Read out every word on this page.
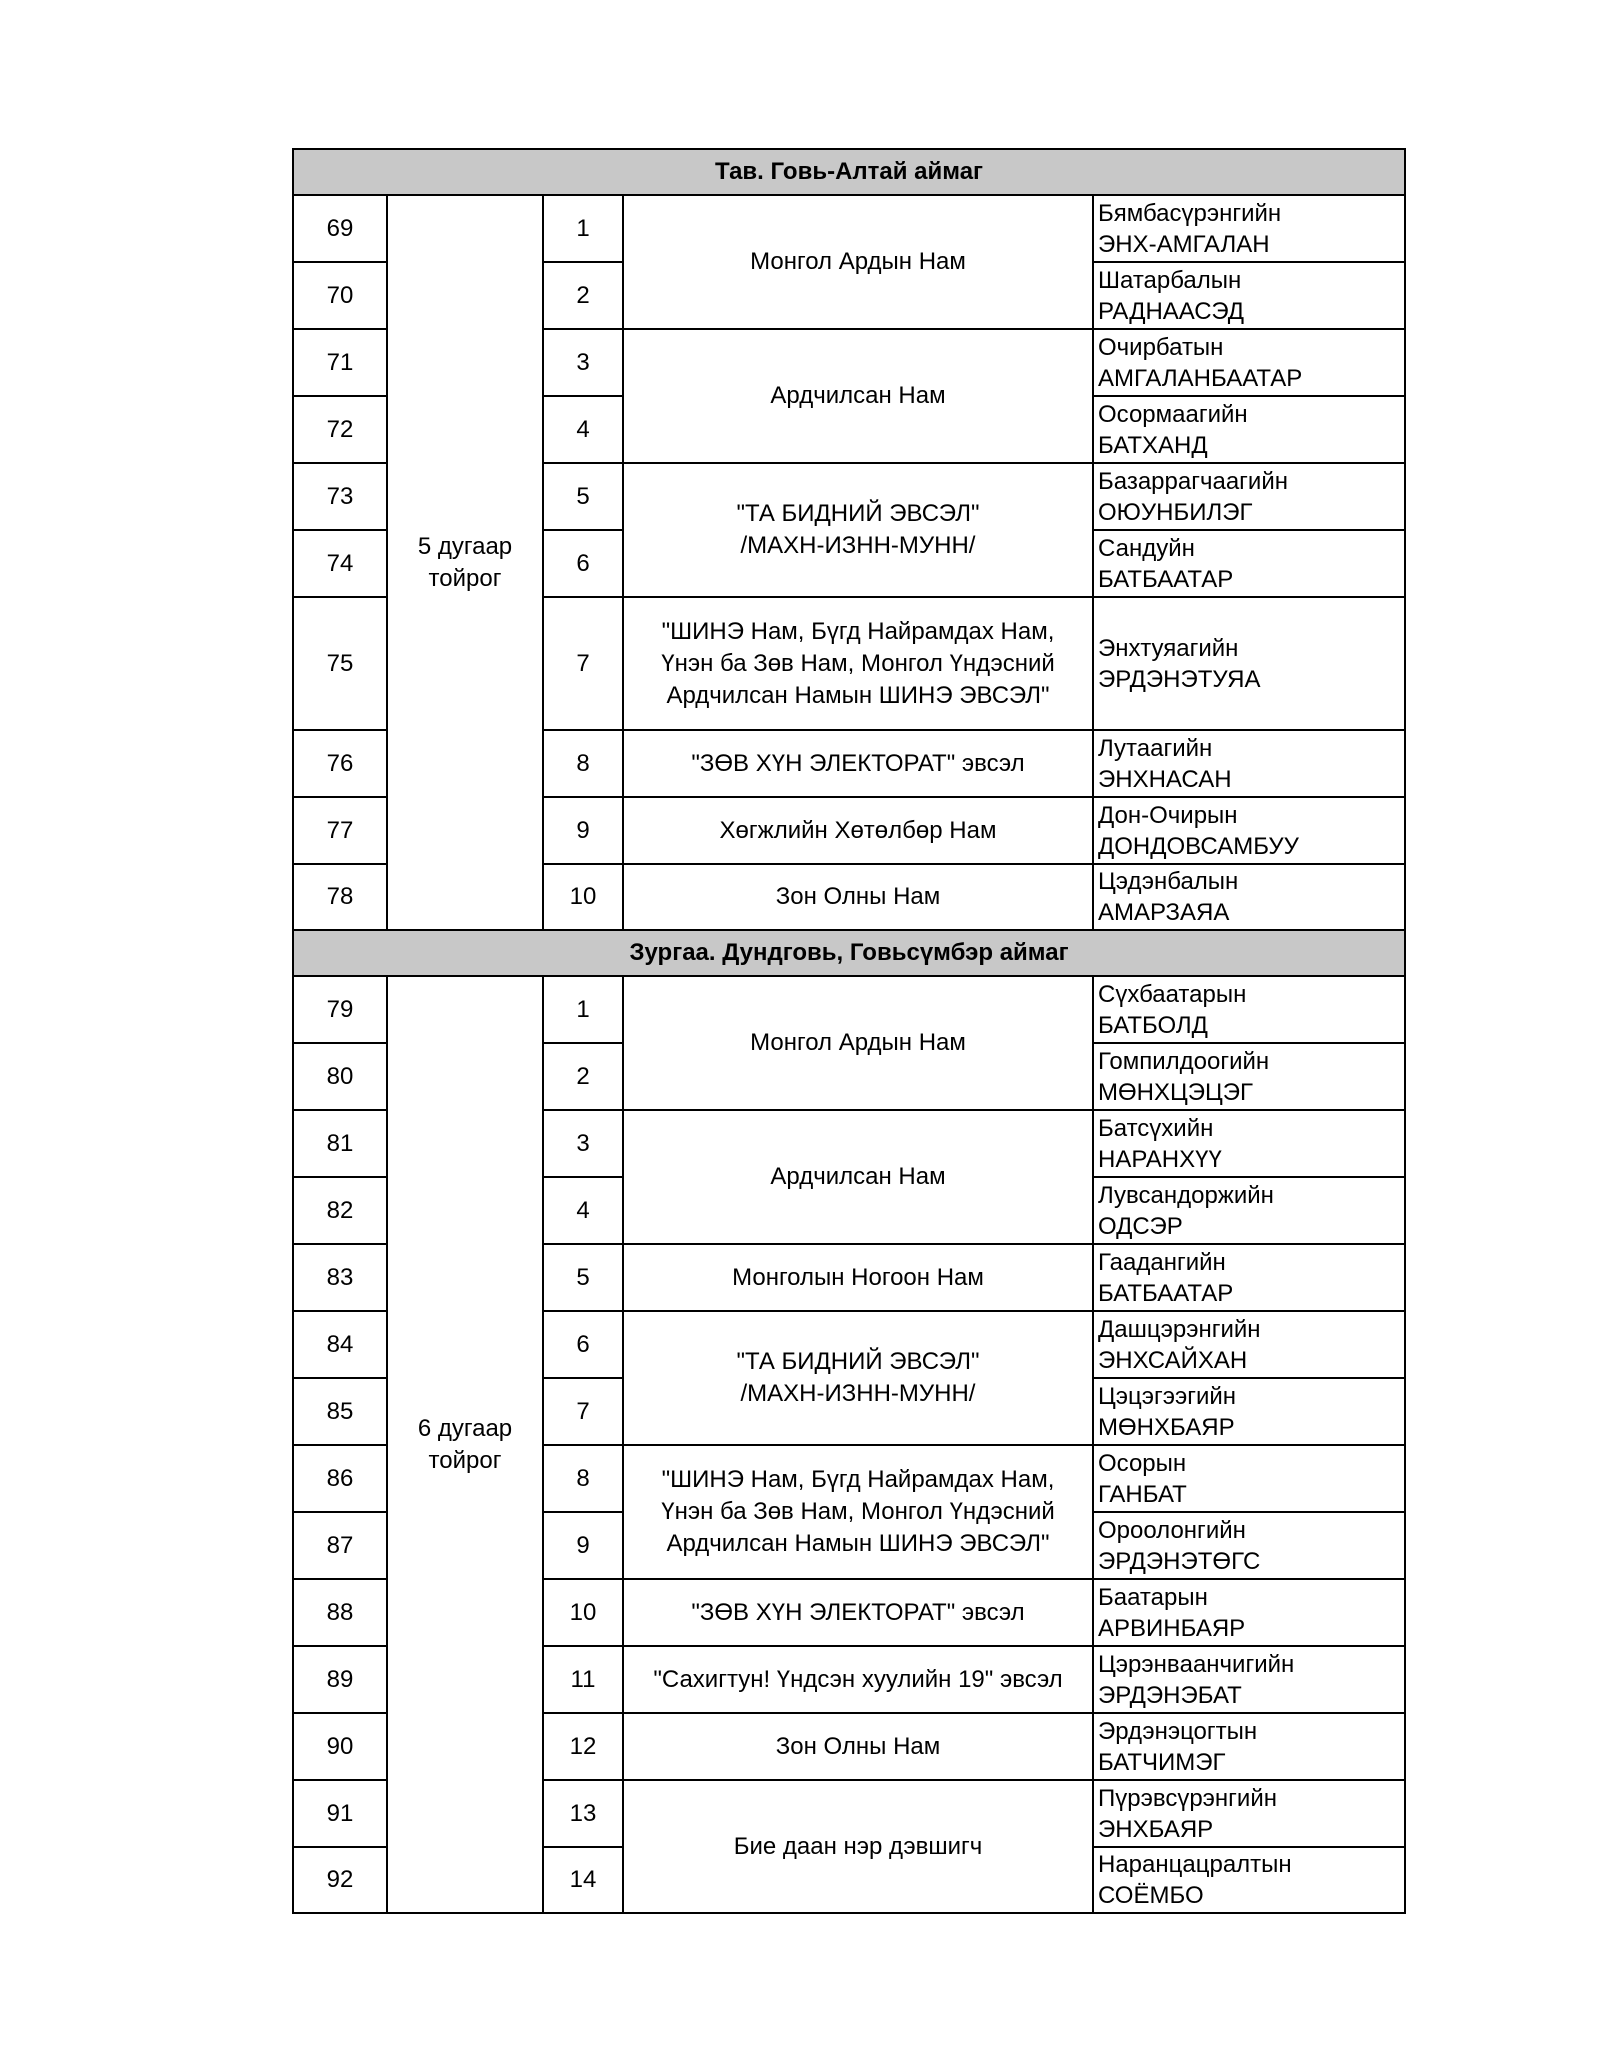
Тав. Говь-Алтай аймаг				
69	5 дугаар
тойрог	1	Монгол Ардын Нам	Бямбасүрэнгийн
ЭНХ-АМГАЛАН

70		2		Шатарбалын
РАДНААСЭД

71		3	Ардчилсан Нам	Очирбатын
АМГАЛАНБААТАР

72		4		Осормаагийн
БАТХАНД

73		5	"ТА БИДНИЙ ЭВСЭЛ"
/МАХН-ИЗНН-МУНН/	Базаррагчаагийн
ОЮУНБИЛЭГ

74		6		Сандуйн
БАТБААТАР

75		7	"ШИНЭ Нам, Бүгд Найрамдах Нам,
Үнэн ба Зөв Нам, Монгол Үндэсний
Ардчилсан Намын ШИНЭ ЭВСЭЛ"	Энхтуяагийн
ЭРДЭНЭТУЯА

76		8	"ЗӨВ ХҮН ЭЛЕКТОРАТ" эвсэл	Лутаагийн
ЭНХНАСАН

77		9	Хөгжлийн Хөтөлбөр Нам	Дон-Очирын
ДОНДОВСАМБУУ

78		10	Зон Олны Нам	Цэдэнбалын
АМАРЗАЯА

Зургаа. Дундговь, Говьсүмбэр аймаг				
79	6 дугаар
тойрог	1	Монгол Ардын Нам	Сүхбаатарын
БАТБОЛД

80		2		Гомпилдоогийн
МӨНХЦЭЦЭГ

81		3	Ардчилсан Нам	Батсүхийн
НАРАНХҮҮ

82		4		Лувсандоржийн
ОДСЭР

83		5	Монголын Ногоон Нам	Гаадангийн
БАТБААТАР

84		6	"ТА БИДНИЙ ЭВСЭЛ"
/МАХН-ИЗНН-МУНН/	Дашцэрэнгийн
ЭНХСАЙХАН

85		7		Цэцэгээгийн
МӨНХБАЯР

86		8	"ШИНЭ Нам, Бүгд Найрамдах Нам,
Үнэн ба Зөв Нам, Монгол Үндэсний
Ардчилсан Намын ШИНЭ ЭВСЭЛ"	Осорын
ГАНБАТ

87		9		Ороолонгийн
ЭРДЭНЭТӨГС

88		10	"ЗӨВ ХҮН ЭЛЕКТОРАТ" эвсэл	Баатарын
АРВИНБАЯР

89		11	"Сахигтун! Үндсэн хуулийн 19" эвсэл	Цэрэнвaанчигийн
ЭРДЭНЭБАТ

90		12	Зон Олны Нам	Эрдэнэцогтын
БАТЧИМЭГ

91		13	Бие даан нэр дэвшигч	Пүрэвсүрэнгийн
ЭНХБАЯР

92		14		Наранцацралтын
СОЁМБО
